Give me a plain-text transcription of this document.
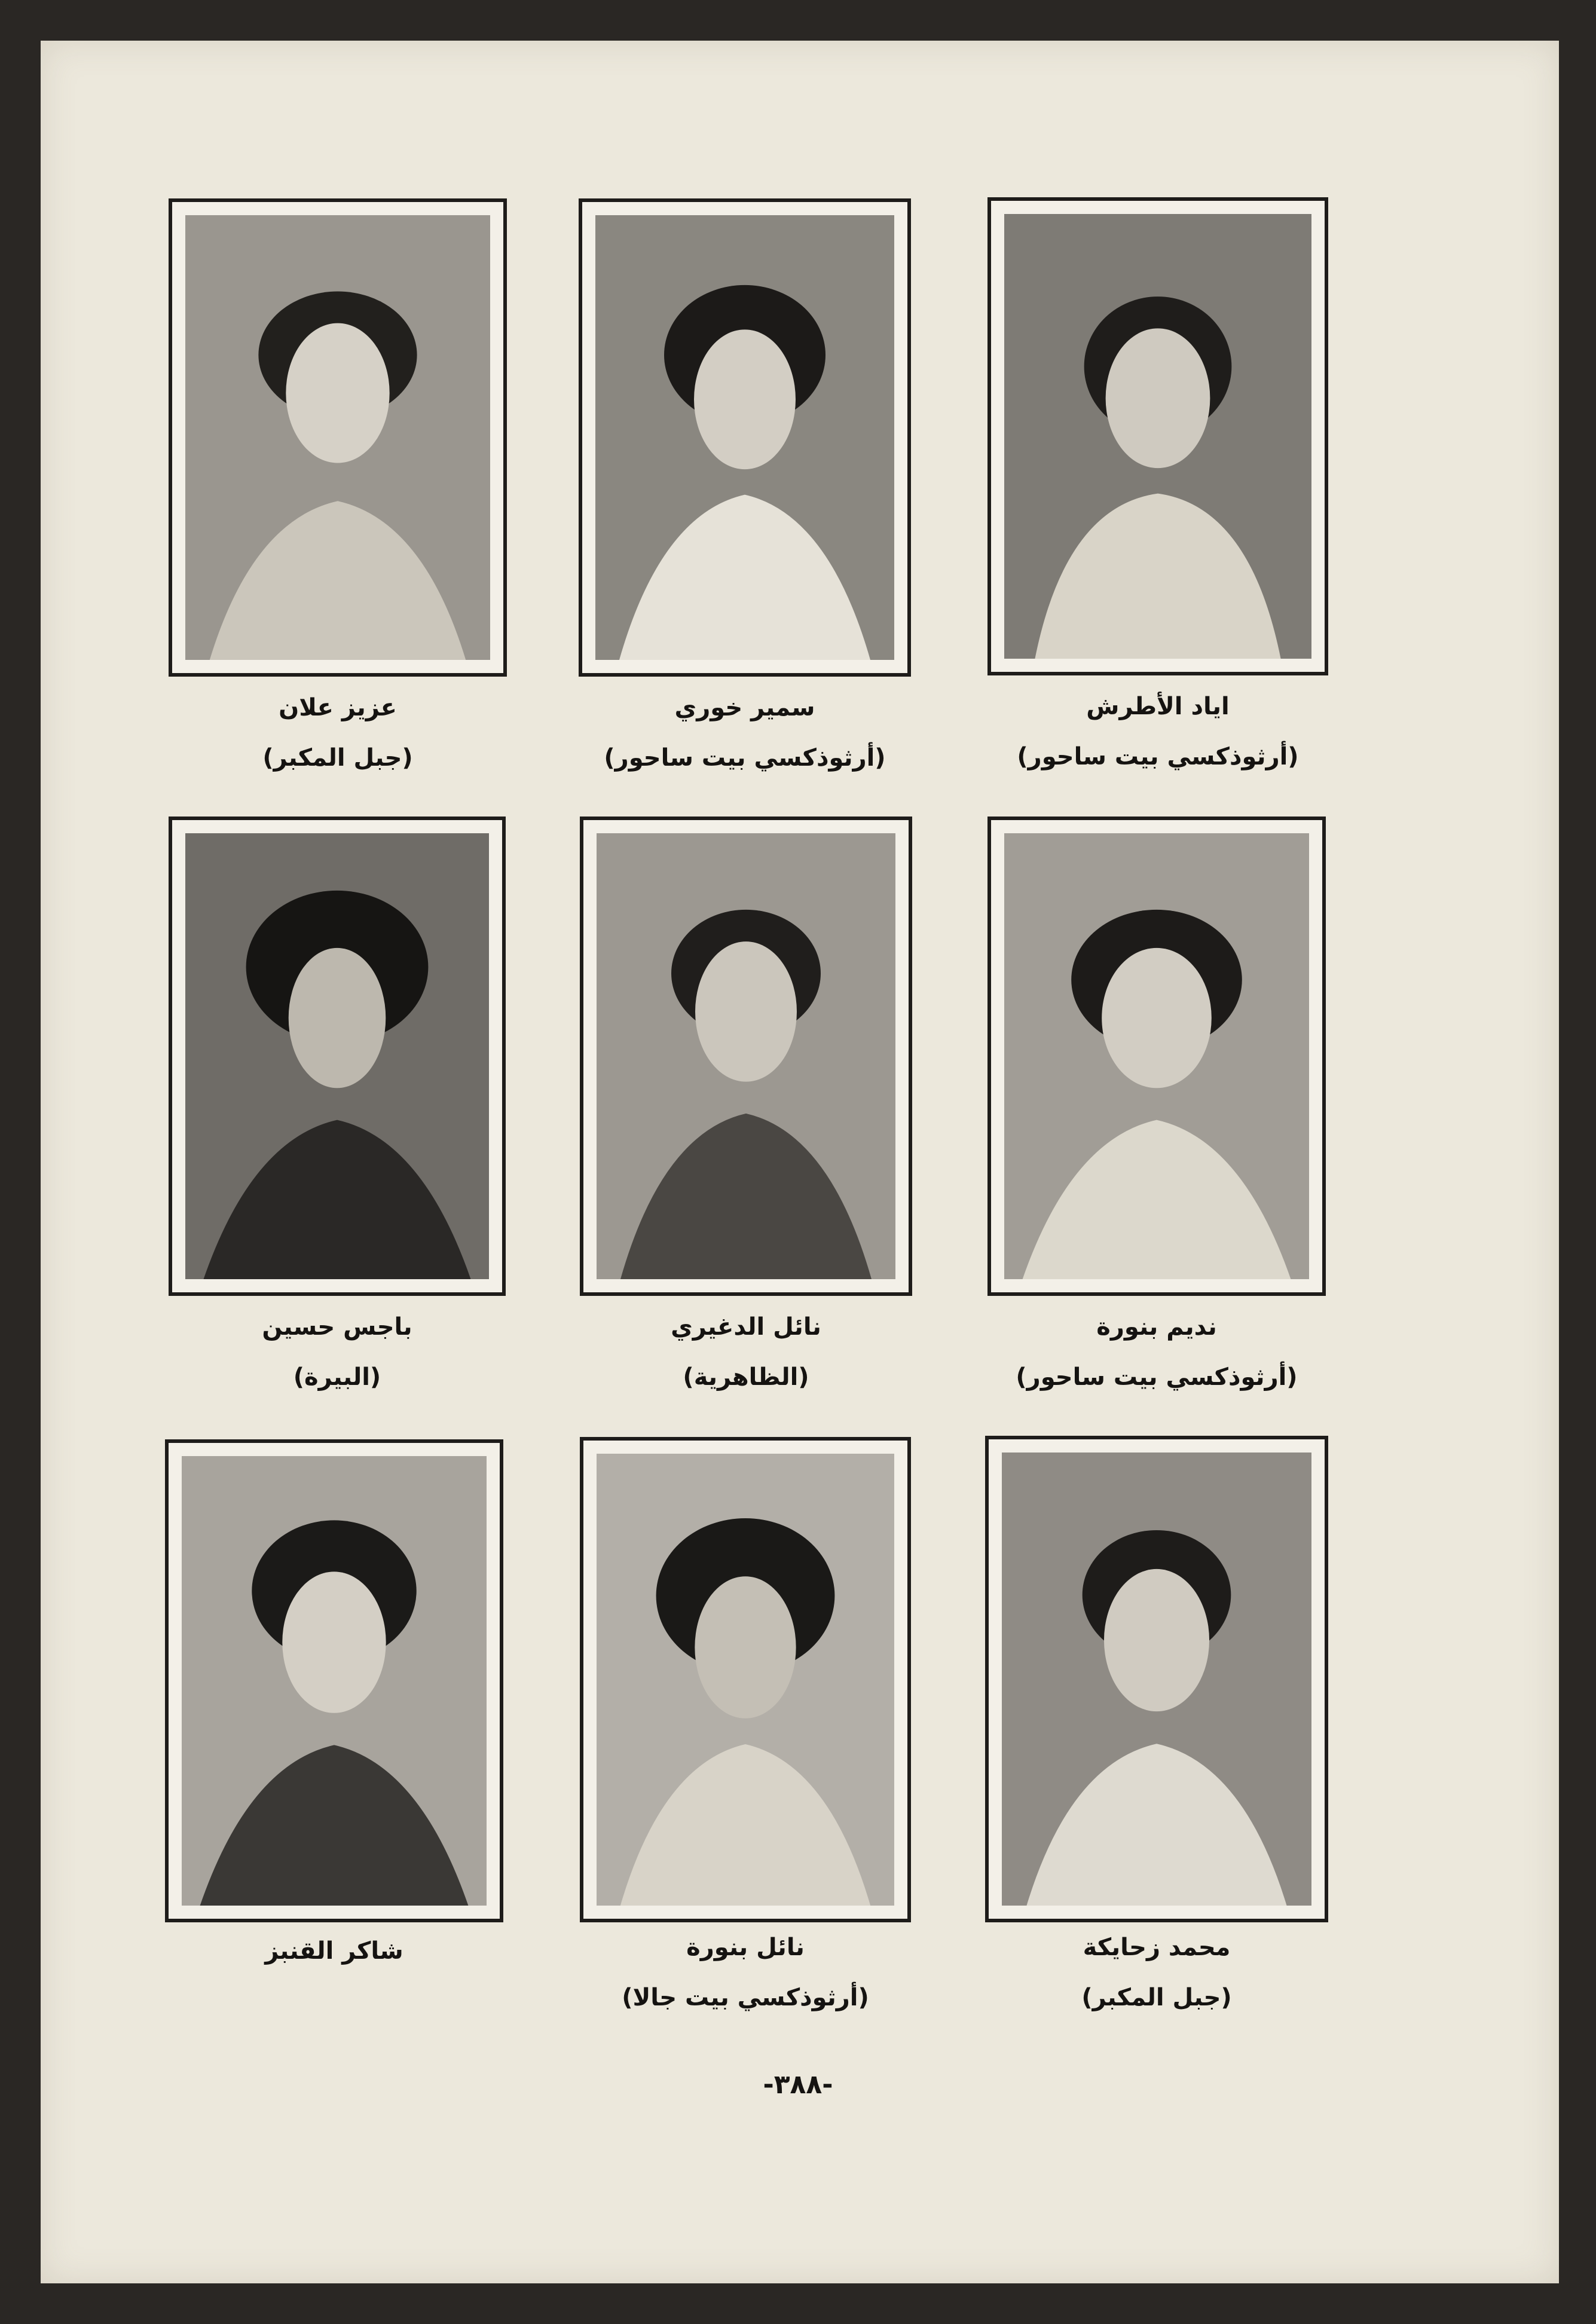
اياد الأطرش
(أرثوذكسي بيت ساحور)
سمير خوري
(أرثوذكسي بيت ساحور)
عزيز علان
(جبل المكبر)
نديم بنورة
(أرثوذكسي بيت ساحور)
نائل الدغيري
(الظاهرية)
باجس حسين
(البيرة)
محمد زحايكة
(جبل المكبر)
نائل بنورة
(أرثوذكسي بيت جالا)
شاكر القنبز
-٣٨٨-
